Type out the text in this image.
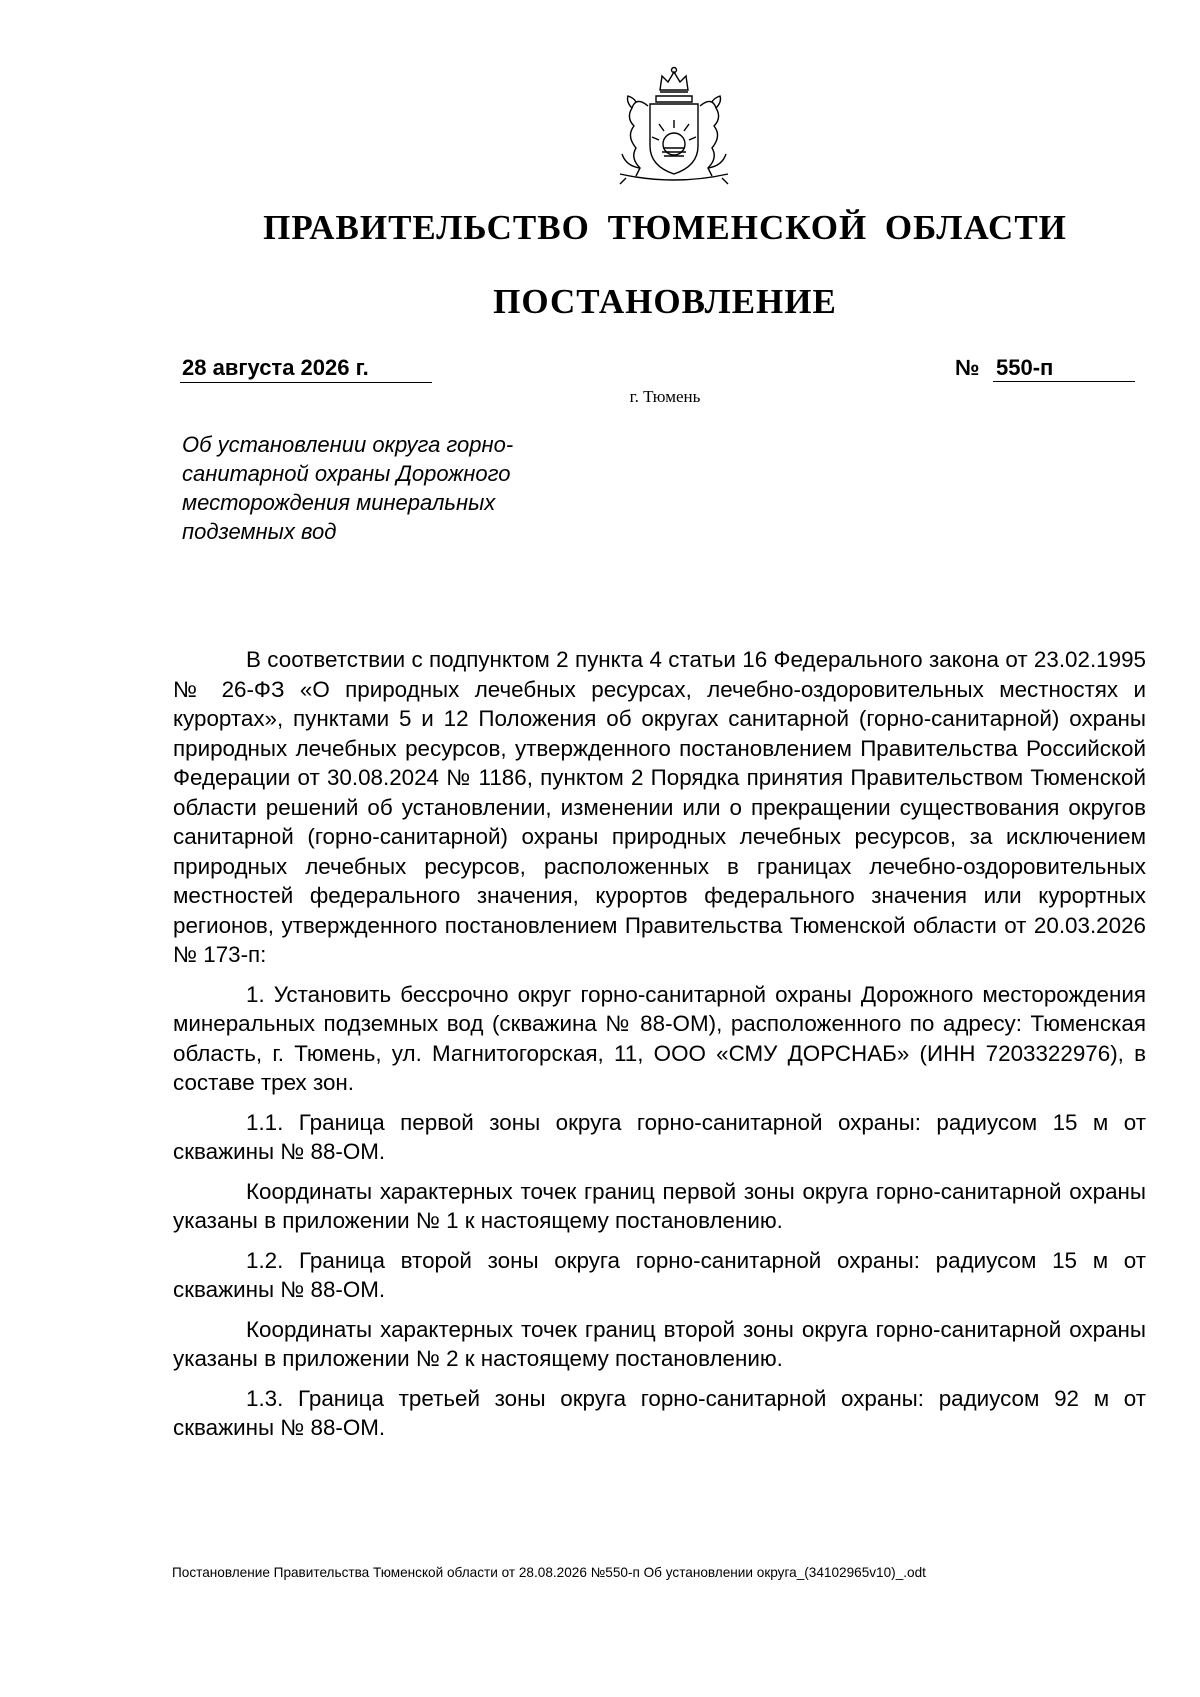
ПРАВИТЕЛЬСТВО ТЮМЕНСКОЙ ОБЛАСТИ
ПОСТАНОВЛЕНИЕ
28 августа 2026 г.	№ 550-п
г. Тюмень
Об установлении округа горно-
санитарной охраны Дорожного
месторождения минеральных
подземных вод

В соответствии с подпунктом 2 пункта 4 статьи 16 Федерального закона от 23.02.1995 № 26-ФЗ «О природных лечебных ресурсах, лечебно-оздоровительных местностях и курортах», пунктами 5 и 12 Положения об округах санитарной (горно-санитарной) охраны природных лечебных ресурсов, утвержденного постановлением Правительства Российской Федерации от 30.08.2024 № 1186, пунктом 2 Порядка принятия Правительством Тюменской области решений об установлении, изменении или о прекращении существования округов санитарной (горно-санитарной) охраны природных лечебных ресурсов, за исключением природных лечебных ресурсов, расположенных в границах лечебно-оздоровительных местностей федерального значения, курортов федерального значения или курортных регионов, утвержденного постановлением Правительства Тюменской области от 20.03.2026 № 173-п:

1. Установить бессрочно округ горно-санитарной охраны Дорожного месторождения минеральных подземных вод (скважина № 88-ОМ), расположенного по адресу: Тюменская область, г. Тюмень, ул. Магнитогорская, 11, ООО «СМУ ДОРСНАБ» (ИНН 7203322976), в составе трех зон.

1.1. Граница первой зоны округа горно-санитарной охраны: радиусом 15 м от скважины № 88-ОМ.

Координаты характерных точек границ первой зоны округа горно-санитарной охраны указаны в приложении № 1 к настоящему постановлению.

1.2. Граница второй зоны округа горно-санитарной охраны: радиусом 15 м от скважины № 88-ОМ.

Координаты характерных точек границ второй зоны округа горно-санитарной охраны указаны в приложении № 2 к настоящему постановлению.

1.3. Граница третьей зоны округа горно-санитарной охраны: радиусом 92 м от скважины № 88-ОМ.

Постановление Правительства Тюменской области от 28.08.2026 №550-п Об установлении округа_(34102965v10)_.odt
